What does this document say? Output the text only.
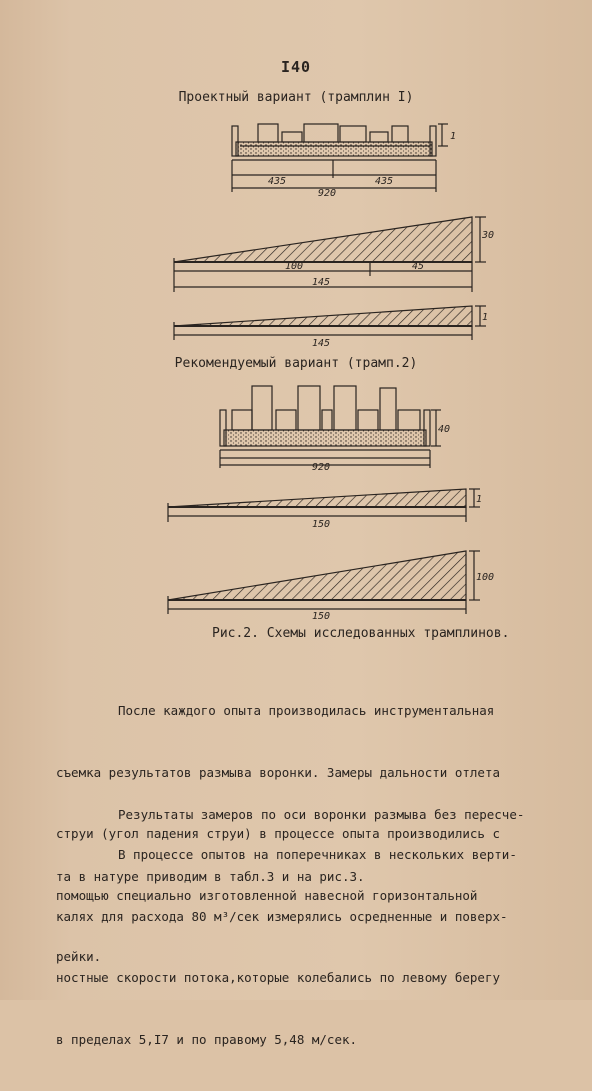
I40
Проектный вариант (трамплин I)
435	435
920
1
100	45
145
30
145
1
920
40
150
1
150
100
Рекомендуемый вариант (трамп.2)
Рис.2. Схемы исследованных трамплинов.

После каждого опыта производилась инструментальная

съемка результатов размыва воронки. Замеры дальности отлета

струи (угол падения струи) в процессе опыта производились с

помощью специально изготовленной навесной горизонтальной

рейки.

Результаты замеров по оси воронки размыва без пересче-

та в натуре приводим в табл.3 и на рис.3.

В процессе опытов на поперечниках в нескольких верти-

калях для расхода 80 м³/сек измерялись осредненные и поверх-

ностные скорости потока,которые колебались по левому берегу

в пределах 5,I7 и по правому 5,48 м/сек.
